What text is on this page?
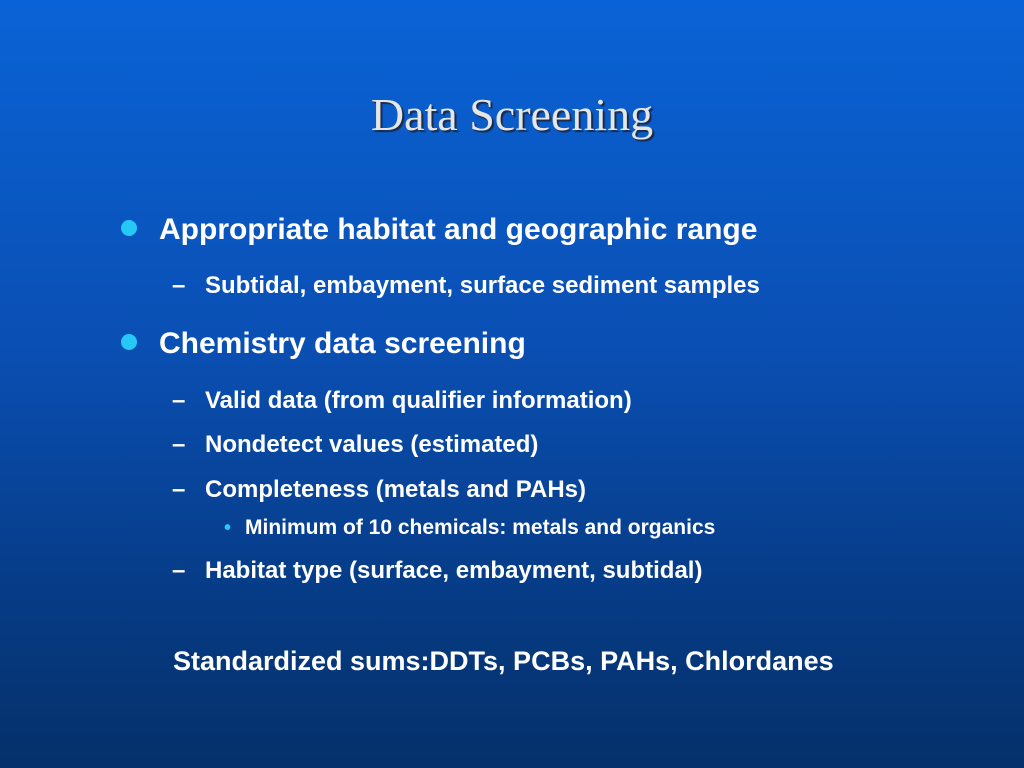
Data Screening
Appropriate habitat and geographic range
– Subtidal, embayment, surface sediment samples
Chemistry data screening
– Valid data (from qualifier information)
– Nondetect values (estimated)
– Completeness (metals and PAHs)
• Minimum of 10 chemicals: metals and organics
– Habitat type (surface, embayment, subtidal)
Standardized sums:DDTs, PCBs, PAHs, Chlordanes
